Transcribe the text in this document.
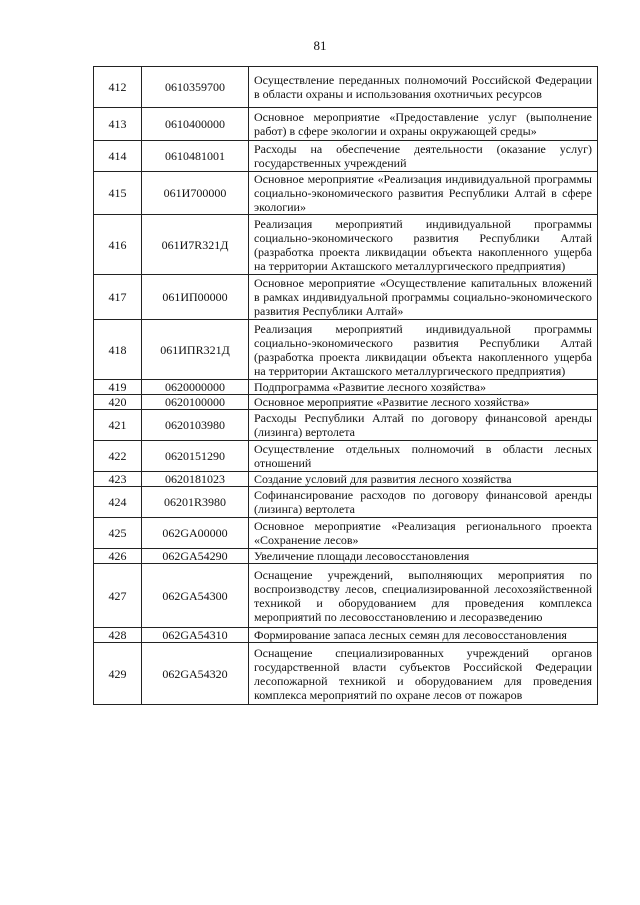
81
412	0610359700	Осуществление переданных полномочий Российской Федерации в области охраны и использования охотничьих ресурсов
413	0610400000	Основное мероприятие «Предоставление услуг (выполнение работ) в сфере экологии и охраны окружающей среды»
414	0610481001	Расходы на обеспечение деятельности (оказание услуг) государственных учреждений
415	061И700000	Основное мероприятие «Реализация индивидуальной программы социально-экономического развития Республики Алтай в сфере экологии»
416	061И7R321Д	Реализация мероприятий индивидуальной программы социально-экономического развития Республики Алтай (разработка проекта ликвидации объекта накопленного ущерба на территории Акташского металлургического предприятия)
417	061ИП00000	Основное мероприятие «Осуществление капитальных вложений в рамках индивидуальной программы социально-экономического развития Республики Алтай»
418	061ИПR321Д	Реализация мероприятий индивидуальной программы социально-экономического развития Республики Алтай (разработка проекта ликвидации объекта накопленного ущерба на территории Акташского металлургического предприятия)
419	0620000000	Подпрограмма «Развитие лесного хозяйства»
420	0620100000	Основное мероприятие «Развитие лесного хозяйства»
421	0620103980	Расходы Республики Алтай по договору финансовой аренды (лизинга) вертолета
422	0620151290	Осуществление отдельных полномочий в области лесных отношений
423	0620181023	Создание условий для развития лесного хозяйства
424	06201R3980	Софинансирование расходов по договору финансовой аренды (лизинга) вертолета
425	062GA00000	Основное мероприятие «Реализация регионального проекта «Сохранение лесов»
426	062GA54290	Увеличение площади лесовосстановления
427	062GA54300	Оснащение учреждений, выполняющих мероприятия по воспроизводству лесов, специализированной лесохозяйственной техникой и оборудованием для проведения комплекса мероприятий по лесовосстановлению и лесоразведению
428	062GA54310	Формирование запаса лесных семян для лесовосстановления
429	062GA54320	Оснащение специализированных учреждений органов государственной власти субъектов Российской Федерации лесопожарной техникой и оборудованием для проведения комплекса мероприятий по охране лесов от пожаров
